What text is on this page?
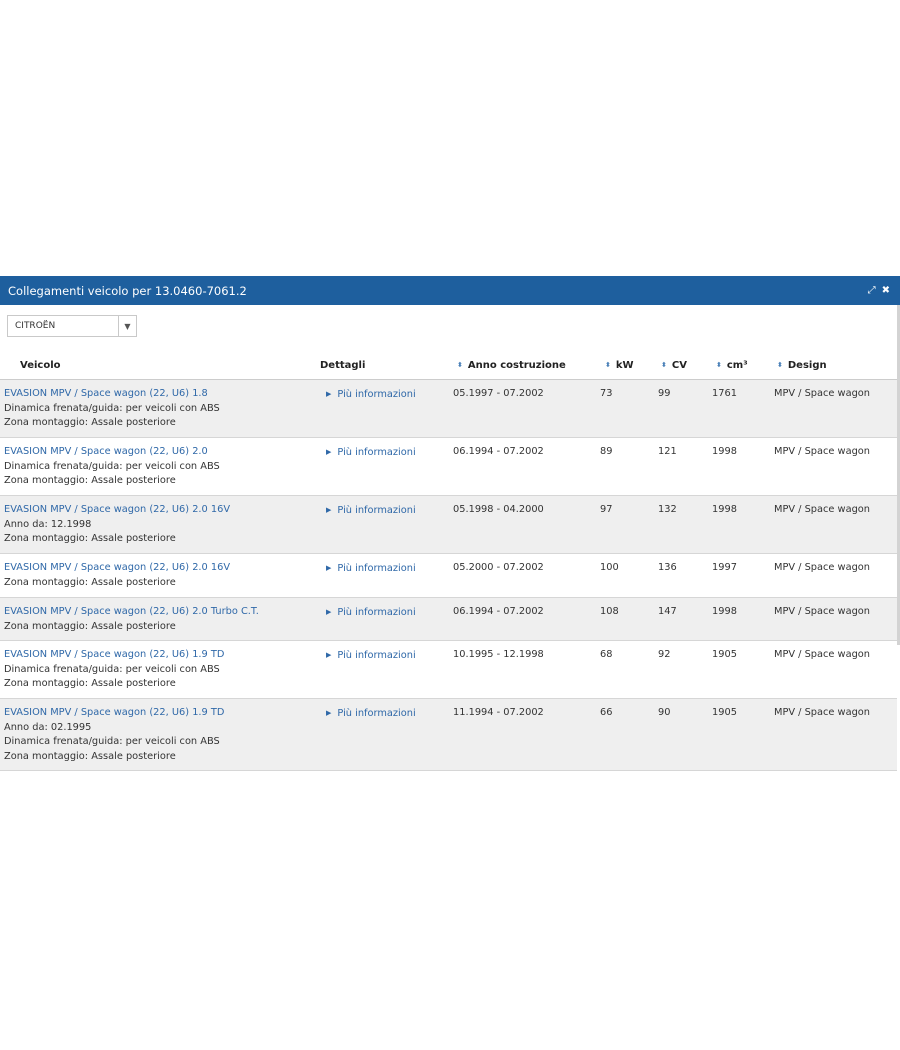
Collegamenti veicolo per 13.0460-7061.2	⤢ ✖
CITROËN	▼
Veicolo	Dettagli	⬍ Anno costruzione	⬍ kW	⬍ CV	⬍ cm³	⬍ Design
EVASION MPV / Space wagon (22, U6) 1.8
Dinamica frenata/guida: per veicoli con ABS
Zona montaggio: Assale posteriore
▶ Più informazioni	05.1997 - 07.2002	73	99	1761	MPV / Space wagon
EVASION MPV / Space wagon (22, U6) 2.0
Dinamica frenata/guida: per veicoli con ABS
Zona montaggio: Assale posteriore
▶ Più informazioni	06.1994 - 07.2002	89	121	1998	MPV / Space wagon
EVASION MPV / Space wagon (22, U6) 2.0 16V
Anno da: 12.1998
Zona montaggio: Assale posteriore
▶ Più informazioni	05.1998 - 04.2000	97	132	1998	MPV / Space wagon
EVASION MPV / Space wagon (22, U6) 2.0 16V
Zona montaggio: Assale posteriore
▶ Più informazioni	05.2000 - 07.2002	100	136	1997	MPV / Space wagon
EVASION MPV / Space wagon (22, U6) 2.0 Turbo C.T.
Zona montaggio: Assale posteriore
▶ Più informazioni	06.1994 - 07.2002	108	147	1998	MPV / Space wagon
EVASION MPV / Space wagon (22, U6) 1.9 TD
Dinamica frenata/guida: per veicoli con ABS
Zona montaggio: Assale posteriore
▶ Più informazioni	10.1995 - 12.1998	68	92	1905	MPV / Space wagon
EVASION MPV / Space wagon (22, U6) 1.9 TD
Anno da: 02.1995
Dinamica frenata/guida: per veicoli con ABS
Zona montaggio: Assale posteriore
▶ Più informazioni	11.1994 - 07.2002	66	90	1905	MPV / Space wagon
